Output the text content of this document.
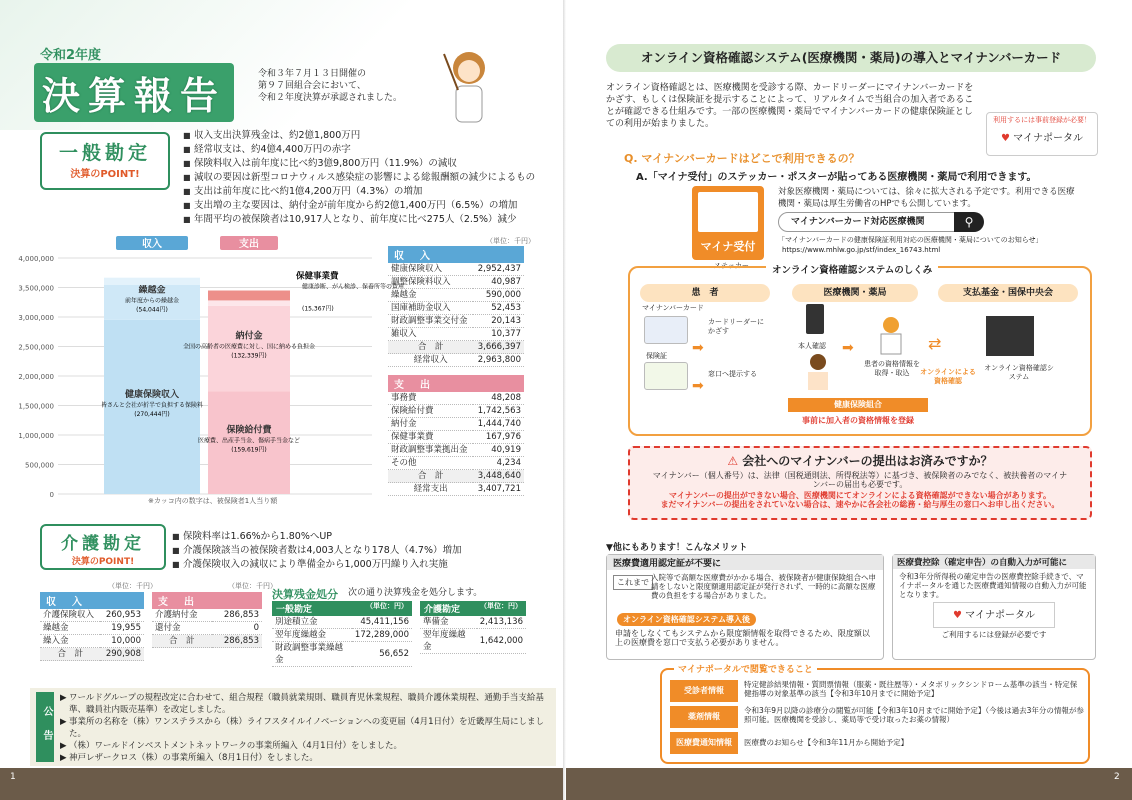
令和2年度
決算報告	令和３年７月１３日開催の
第９７回組合会において、
令和２年度決算が承認されました。
一般勘定
決算のPOINT!
■ 収入支出決算残金は、約2億1,800万円
■ 経常収支は、約4億4,400万円の赤字
■ 保険料収入は前年度に比べ約3億9,800万円（11.9%）の減収
■ 減収の要因は新型コロナウィルス感染症の影響による総報酬額の減少によるもの
■ 支出は前年度に比べ約1億4,200万円（4.3%）の増加
■ 支出増の主な要因は、納付金が前年度から約2億1,400万円（6.5%）の増加
■ 年間平均の被保険者は10,917人となり、前年度に比べ275人（2.5%）減少
4,000,000
3,500,000
3,000,000
2,500,000
2,000,000
1,500,000
1,000,000
500,000
0
健康保険収入
皆さんと会社が折半で負担する保険料
(270,444円)
繰越金
前年度からの繰越金
(54,044円)
収入
保険給付費
医療費、出産手当金、傷病手当金など
(159,619円)
納付金
全国の高齢者の医療費に対し、国に納める負担金
(132,339円)
保健事業費
健康診断、がん検診、保養所等の費用
(15,367円)
支出
※カッコ内の数字は、被保険者1人当り額
（単位：千円）
収　入
健康保険収入	2,952,437
調整保険料収入	40,987
繰越金	590,000
国庫補助金収入	52,453
財政調整事業交付金	20,143
雑収入	10,377
合　計	3,666,397
経常収入	2,963,800
支　出
事務費	48,208
保険給付費	1,742,563
納付金	1,444,740
保健事業費	167,976
財政調整事業拠出金	40,919
その他	4,234
合　計	3,448,640
経常支出	3,407,721
介護勘定
決算のPOINT!
■ 保険料率は1.66%から1.80%へUP
■ 介護保険該当の被保険者数は4,003人となり178人（4.7%）増加
■ 介護保険収入の減収により準備金から1,000万円繰り入れ実施
（単位：千円）	（単位：千円）
収　入
介護保険収入	260,953
繰越金	19,955
繰入金	10,000
合　計	290,908
支　出
介護納付金	286,853
還付金	0
合　計	286,853
決算残金処分 次の通り決算残金を処分します。
一般勘定	（単位：円）
別途積立金	45,411,156
翌年度繰越金	172,289,000
財政調整事業繰越金	56,652
介護勘定	（単位：円）
準備金	2,413,136
翌年度繰越金	1,642,000
公告
▶ ワールドグループの規程改定に合わせて、組合規程（職員就業規則、職員育児休業規程、職員介護休業規程、通勤手当支給基準、職員社内販売基準）を改定しました。
▶ 事業所の名称を（株）ワンステラスから（株）ライフスタイルイノベーションへの変更届（4月1日付）を近畿厚生局にしました。
▶ （株）ワールドインベストメントネットワークの事業所編入（4月1日付）をしました。
▶ 神戸レザークロス（株）の事業所編入（8月1日付）をしました。
1
オンライン資格確認システム(医療機関・薬局)の導入とマイナンバーカード
オンライン資格確認とは、医療機関を受診する際、カードリーダーにマイナンバーカードをかざす、もしくは保険証を提示することによって、リアルタイムで当組合の加入者であることが確認できる仕組みです。一部の医療機関・薬局でマイナンバーカードの健康保険証としての利用が始まりました。	利用するには事前登録が必要！
♥ マイナポータル
Q. マイナンバーカードはどこで利用できるの？
A.「マイナ受付」のステッカー・ポスターが貼ってある医療機関・薬局で利用できます。
マイナ受付
ステッカー
対象医療機関・薬局については、徐々に拡大される予定です。利用できる医療機関・薬局は厚生労働省のHPでも公開しています。
マイナンバーカード対応医療機関	⚲
「マイナンバーカードの健康保険証利用対応の医療機関・薬局についてのお知らせ」
https://www.mhlw.go.jp/stf/index_16743.html
オンライン資格確認システムのしくみ
患　者	医療機関・薬局	支払基金・国保中央会
マイナンバーカード
保険証
カードリーダーにかざす
窓口へ提示する
➡
➡
本人確認
患者の資格情報を取得・取込
➡	⇄
オンラインによる資格確認
オンライン資格確認システム
健康保険組合
事前に加入者の資格情報を登録
⚠ 会社へのマイナンバーの提出はお済みですか？
マイナンバー（個人番号）は、法律（国税通則法、所得税法等）に基づき、被保険者のみでなく、被扶養者のマイナンバーの届出も必要です。
マイナンバーの提出ができない場合、医療機関にてオンラインによる資格確認ができない場合があります。
まだマイナンバーの提出をされていない場合は、速やかに各会社の総務・給与厚生の窓口へお申し出ください。
▼他にもあります！こんなメリット
医療費適用認定証が不要に
これまで
入院等で高額な医療費がかかる場合、被保険者が健康保険組合へ申請をしないと限度額適用認定証が発行されず、一時的に高額な医療費の負担をする場合がありました。
オンライン資格確認システム導入後
申請をしなくてもシステムから限度額情報を取得できるため、限度額以上の医療費を窓口で支払う必要がありません。
医療費控除（確定申告）の自動入力が可能に
令和3年分所得税の確定申告の医療費控除手続きで、マイナポータルを通じた医療費通知情報の自動入力が可能となります。
♥ マイナポータル
ご利用するには登録が必要です
マイナポータルで閲覧できること
受診者情報
特定健診結果情報・質問票情報（服薬・既往歴等）・メタボリックシンドローム基準の該当・特定保健指導の対象基準の該当【令和3年10月までに開始予定】
薬剤情報
令和3年9月以降の診療分の閲覧が可能【令和3年10月までに開始予定】（今後は過去3年分の情報が参照可能。医療機関を受診し、薬局等で受け取ったお薬の情報）
医療費通知情報	医療費のお知らせ【令和3年11月から開始予定】
2
